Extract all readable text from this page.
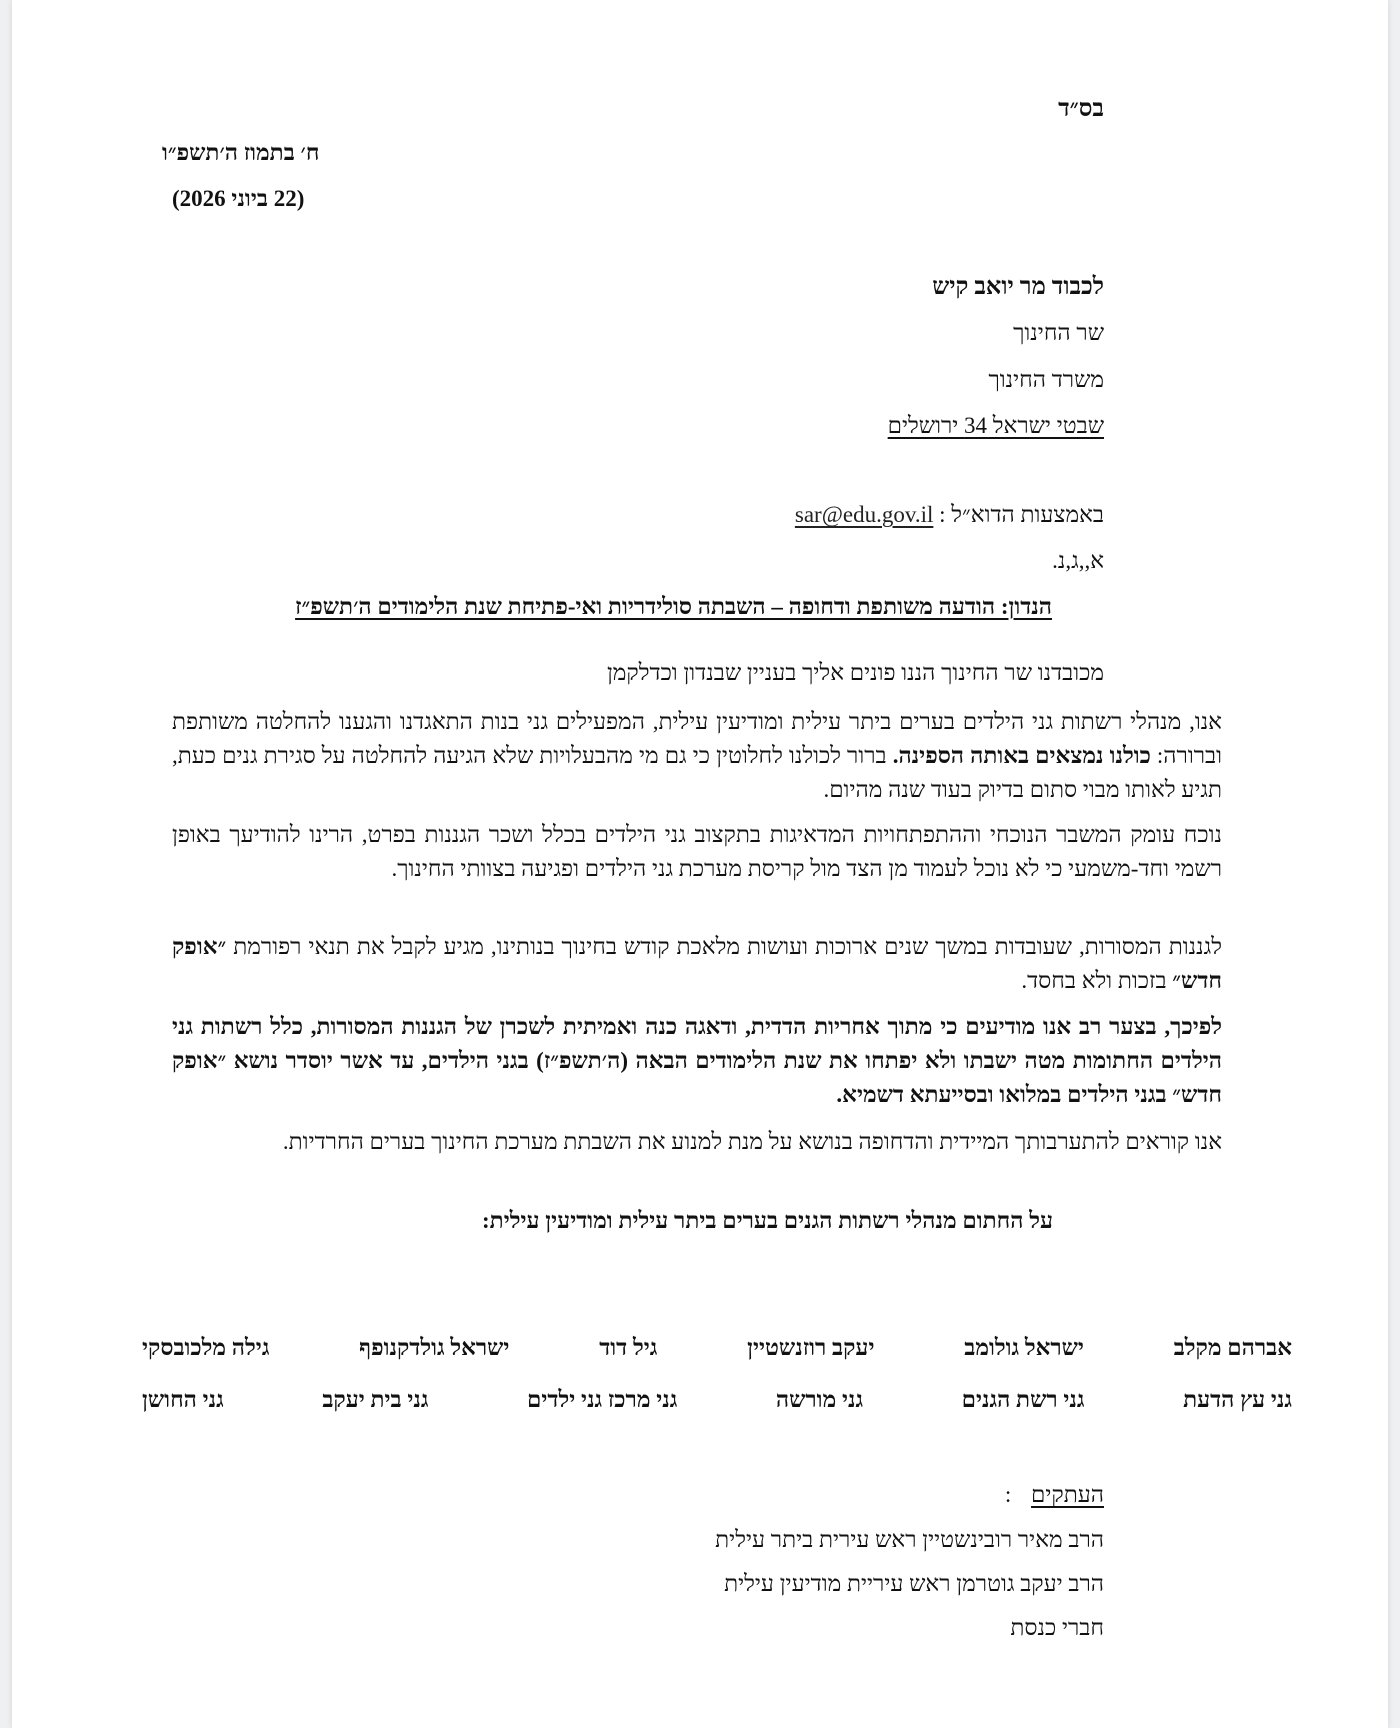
בס״ד
ח׳ בתמוז ה׳תשפ״ו
(22 ביוני 2026)
לכבוד מר יואב קיש
שר החינוך
משרד החינוך
שבטי ישראל 34 ירושלים
באמצעות הדוא״ל : sar@edu.gov.il
א,,ג,נ.
הנדון: הודעה משותפת ודחופה – השבתה סולידריות ואי-פתיחת שנת הלימודים ה׳תשפ״ז
מכובדנו שר החינוך הננו פונים אליך בעניין שבנדון וכדלקמן
אנו, מנהלי רשתות גני הילדים בערים ביתר עילית ומודיעין עילית, המפעילים גני בנות התאגדנו והגענו להחלטה משותפת וברורה: כולנו נמצאים באותה הספינה. ברור לכולנו לחלוטין כי גם מי מהבעלויות שלא הגיעה להחלטה על סגירת גנים כעת, תגיע לאותו מבוי סתום בדיוק בעוד שנה מהיום.
נוכח עומק המשבר הנוכחי וההתפתחויות המדאיגות בתקצוב גני הילדים בכלל ושכר הגננות בפרט, הרינו להודיעך באופן רשמי וחד-משמעי כי לא נוכל לעמוד מן הצד מול קריסת מערכת גני הילדים ופגיעה בצוותי החינוך.
לגננות המסורות, שעובדות במשך שנים ארוכות ועושות מלאכת קודש בחינוך בנותינו, מגיע לקבל את תנאי רפורמת ״אופק חדש״ בזכות ולא בחסד.
לפיכך, בצער רב אנו מודיעים כי מתוך אחריות הדדית, ודאגה כנה ואמיתית לשכרן של הגננות המסורות, כלל רשתות גני הילדים החתומות מטה ישבתו ולא יפתחו את שנת הלימודים הבאה (ה׳תשפ״ז) בגני הילדים, עד אשר יוסדר נושא ״אופק חדש״ בגני הילדים במלואו ובסייעתא דשמיא.
אנו קוראים להתערבותך המיידית והדחופה בנושא על מנת למנוע את השבתת מערכת החינוך בערים החרדיות.
על החתום מנהלי רשתות הגנים בערים ביתר עילית ומודיעין עילית:
אברהם מקלב
ישראל גולומב
יעקב רוזנשטיין
גיל דוד
ישראל גולדקנופף
גילה מלכובסקי
גני עץ הדעת
גני רשת הגנים
גני מורשה
גני מרכז גני ילדים
גני בית יעקב
גני החושן
העתקים :
הרב מאיר רובינשטיין ראש עירית ביתר עילית
הרב יעקב גוטרמן ראש עיריית מודיעין עילית
חברי כנסת
